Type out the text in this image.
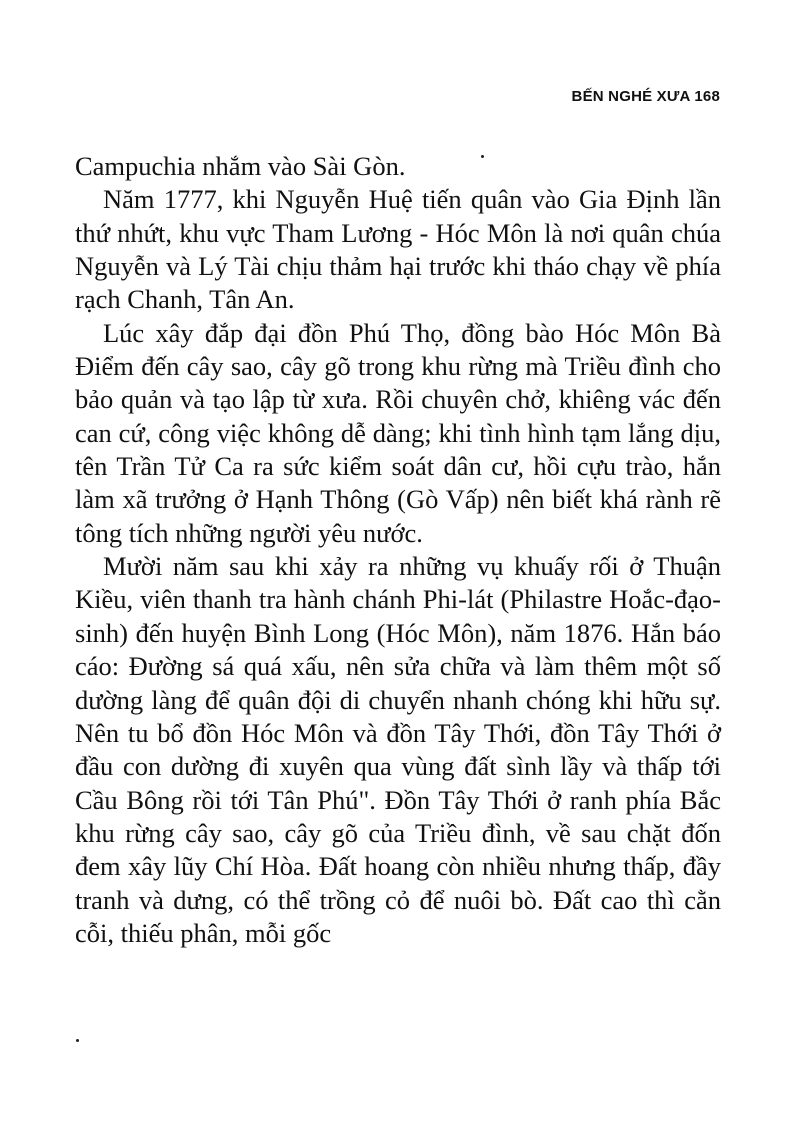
BẾN NGHÉ XƯA 168

Campuchia nhắm vào Sài Gòn.

Năm 1777, khi Nguyễn Huệ tiến quân vào Gia Định lần thứ nhứt, khu vực Tham Lương - Hóc Môn là nơi quân chúa Nguyễn và Lý Tài chịu thảm hại trước khi tháo chạy về phía rạch Chanh, Tân An.

Lúc xây đắp đại đồn Phú Thọ, đồng bào Hóc Môn Bà Điểm đến cây sao, cây gõ trong khu rừng mà Triều đình cho bảo quản và tạo lập từ xưa. Rồi chuyên chở, khiêng vác đến can cứ, công việc không dễ dàng; khi tình hình tạm lắng dịu, tên Trần Tử Ca ra sức kiểm soát dân cư, hồi cựu trào, hắn làm xã trưởng ở Hạnh Thông (Gò Vấp) nên biết khá rành rẽ tông tích những người yêu nước.

Mười năm sau khi xảy ra những vụ khuấy rối ở Thuận Kiều, viên thanh tra hành chánh Phi-lát (Philastre Hoắc-đạo-sinh) đến huyện Bình Long (Hóc Môn), năm 1876. Hắn báo cáo: Đường sá quá xấu, nên sửa chữa và làm thêm một số dường làng để quân đội di chuyển nhanh chóng khi hữu sự. Nên tu bổ đồn Hóc Môn và đồn Tây Thới, đồn Tây Thới ở đầu con dường đi xuyên qua vùng đất sình lầy và thấp tới Cầu Bông rồi tới Tân Phú". Đồn Tây Thới ở ranh phía Bắc khu rừng cây sao, cây gõ của Triều đình, về sau chặt đốn đem xây lũy Chí Hòa. Đất hoang còn nhiều nhưng thấp, đầy tranh và dưng, có thể trồng cỏ để nuôi bò. Đất cao thì cằn cỗi, thiếu phân, mỗi gốc
